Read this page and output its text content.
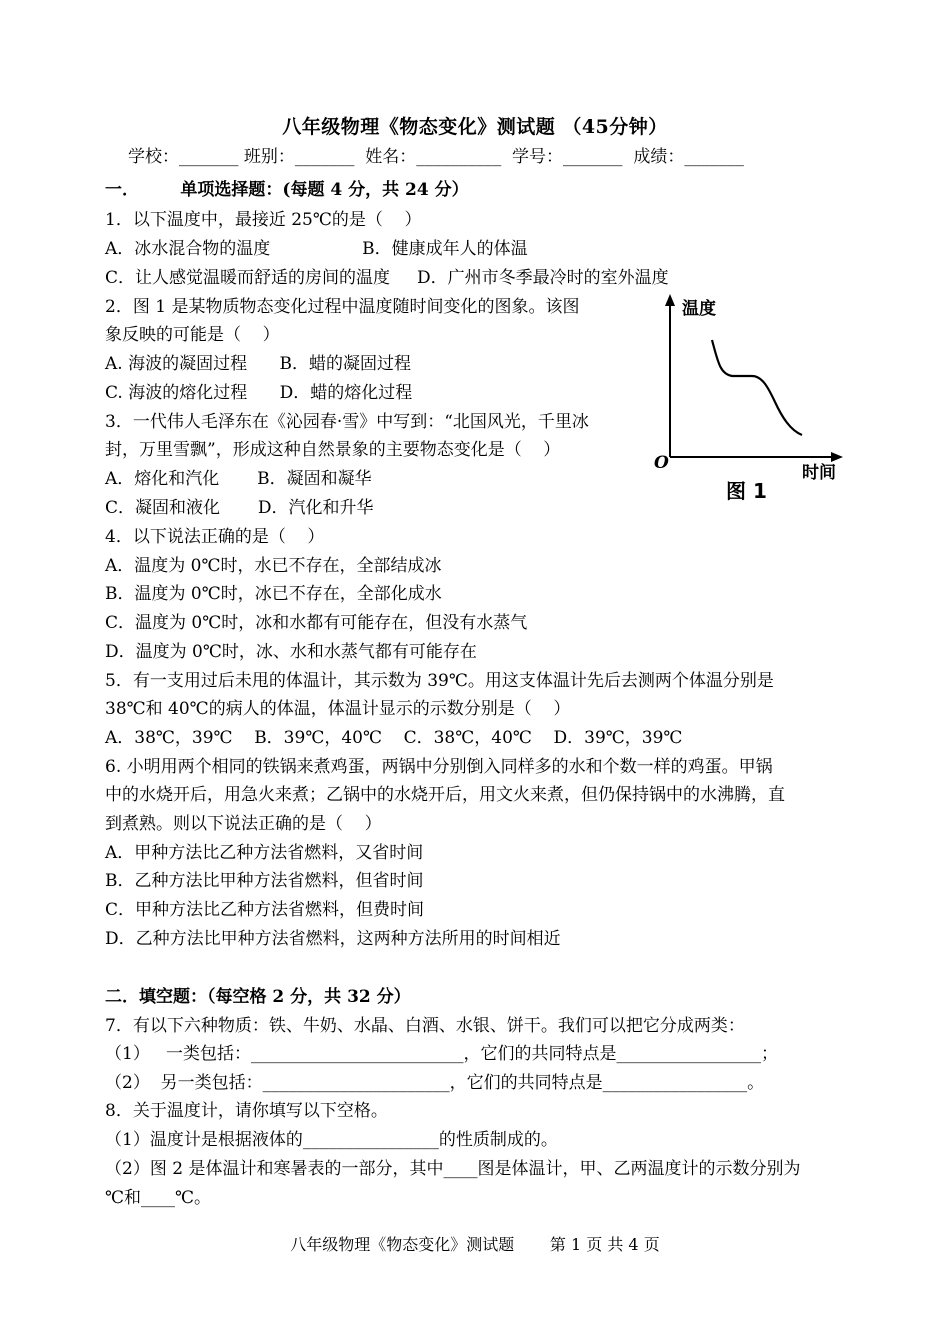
八年级物理《物态变化》测试题 （45分钟）
学校：_______ 班别：_______  姓名：__________  学号：_______  成绩：_______
一．       单项选择题：(每题 4 分，共 24 分）
1．以下温度中，最接近 25℃的是（    ）
A．冰水混合物的温度                 B．健康成年人的体温
C．让人感觉温暖而舒适的房间的温度     D．广州市冬季最冷时的室外温度
2．图 1 是某物质物态变化过程中温度随时间变化的图象。该图
象反映的可能是（    ）
A. 海波的凝固过程      B．蜡的凝固过程
C. 海波的熔化过程      D．蜡的熔化过程
3．一代伟人毛泽东在《沁园春·雪》中写到：“北国风光，千里冰
封，万里雪飘”，形成这种自然景象的主要物态变化是（    ）
A．熔化和汽化       B．凝固和凝华
C．凝固和液化       D．汽化和升华
4．以下说法正确的是（    ）
A．温度为 0℃时，水已不存在，全部结成冰
B．温度为 0℃时，冰已不存在，全部化成水
C．温度为 0℃时，冰和水都有可能存在，但没有水蒸气
D．温度为 0℃时，冰、水和水蒸气都有可能存在
5．有一支用过后未甩的体温计，其示数为 39℃。用这支体温计先后去测两个体温分别是
38℃和 40℃的病人的体温，体温计显示的示数分别是（    ）
A．38℃，39℃    B．39℃，40℃    C．38℃，40℃    D．39℃，39℃
6. 小明用两个相同的铁锅来煮鸡蛋，两锅中分别倒入同样多的水和个数一样的鸡蛋。甲锅
中的水烧开后，用急火来煮；乙锅中的水烧开后，用文火来煮，但仍保持锅中的水沸腾，直
到煮熟。则以下说法正确的是（    ）
A．甲种方法比乙种方法省燃料，又省时间
B．乙种方法比甲种方法省燃料，但省时间
C．甲种方法比乙种方法省燃料，但费时间
D．乙种方法比甲种方法省燃料，这两种方法所用的时间相近
二．填空题：（每空格 2 分，共 32 分）
7．有以下六种物质：铁、牛奶、水晶、白酒、水银、饼干。我们可以把它分成两类：
（1）   一类包括：_________________________，它们的共同特点是_________________；
（2）  另一类包括：______________________，它们的共同特点是_________________。
8．关于温度计，请你填写以下空格。
（1）温度计是根据液体的________________的性质制成的。
（2）图 2 是体温计和寒暑表的一部分，其中____图是体温计，甲、乙两温度计的示数分别为
℃和____℃。
温度
O	时间
图 1
八年级物理《物态变化》测试题       第 1 页 共 4 页
